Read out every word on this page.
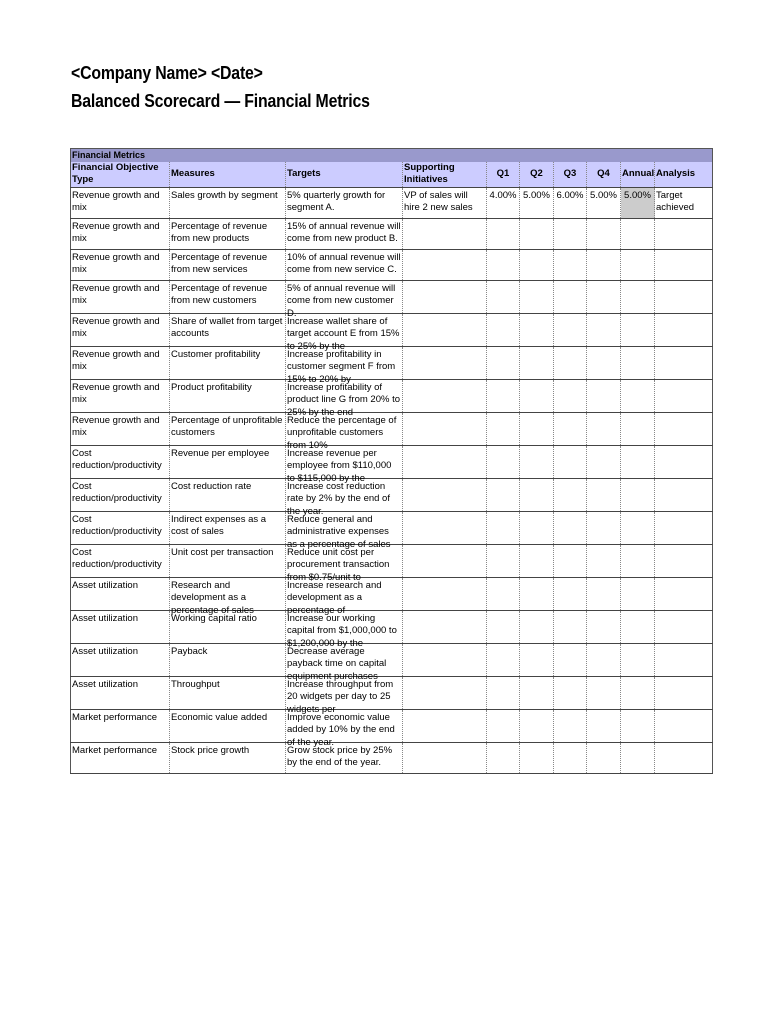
<Company Name> <Date>
Balanced Scorecard — Financial Metrics
Financial Metrics									
Financial Objective Type	Measures	Targets	Supporting Initiatives	Q1	Q2	Q3	Q4	Annual	Analysis

Revenue growth and mix	Sales growth by segment	5% quarterly growth for segment A.	VP of sales will hire 2 new sales	4.00%	5.00%	6.00%	5.00%	5.00%	Target achieved

Revenue growth and mix	Percentage of revenue from new products	15% of annual revenue will come from new product B.							

Revenue growth and mix	Percentage of revenue from new services	10% of annual revenue will come from new service C.							

Revenue growth and mix	Percentage of revenue from new customers	5% of annual revenue will come from new customer D.							

Revenue growth and mix	Share of wallet from target accounts	Increase wallet share of target account E from 15% to 25% by the							

Revenue growth and mix	Customer profitability	Increase profitability in customer segment F from 15% to 20% by							

Revenue growth and mix	Product profitability	Increase profitability of product line G from 20% to 25% by the end							

Revenue growth and mix	Percentage of unprofitable customers	Reduce the percentage of unprofitable customers from 10%							

Cost reduction/productivity	Revenue per employee	Increase revenue per employee from $110,000 to $115,000 by the							

Cost reduction/productivity	Cost reduction rate	Increase cost reduction rate by 2% by the end of the year.							

Cost reduction/productivity	Indirect expenses as a cost of sales	Reduce general and administrative expenses as a percentage of sales							

Cost reduction/productivity	Unit cost per transaction	Reduce unit cost per procurement transaction from $0.75/unit to							

Asset utilization	Research and development as a percentage of sales	Increase research and development as a percentage of							

Asset utilization	Working capital ratio	Increase our working capital from $1,000,000 to $1,200,000 by the							

Asset utilization	Payback	Decrease average payback time on capital equipment purchases							

Asset utilization	Throughput	Increase throughput from 20 widgets per day to 25 widgets per							

Market performance	Economic value added	Improve economic value added by 10% by the end of the year.							

Market performance	Stock price growth	Grow stock price by 25% by the end of the year.							
